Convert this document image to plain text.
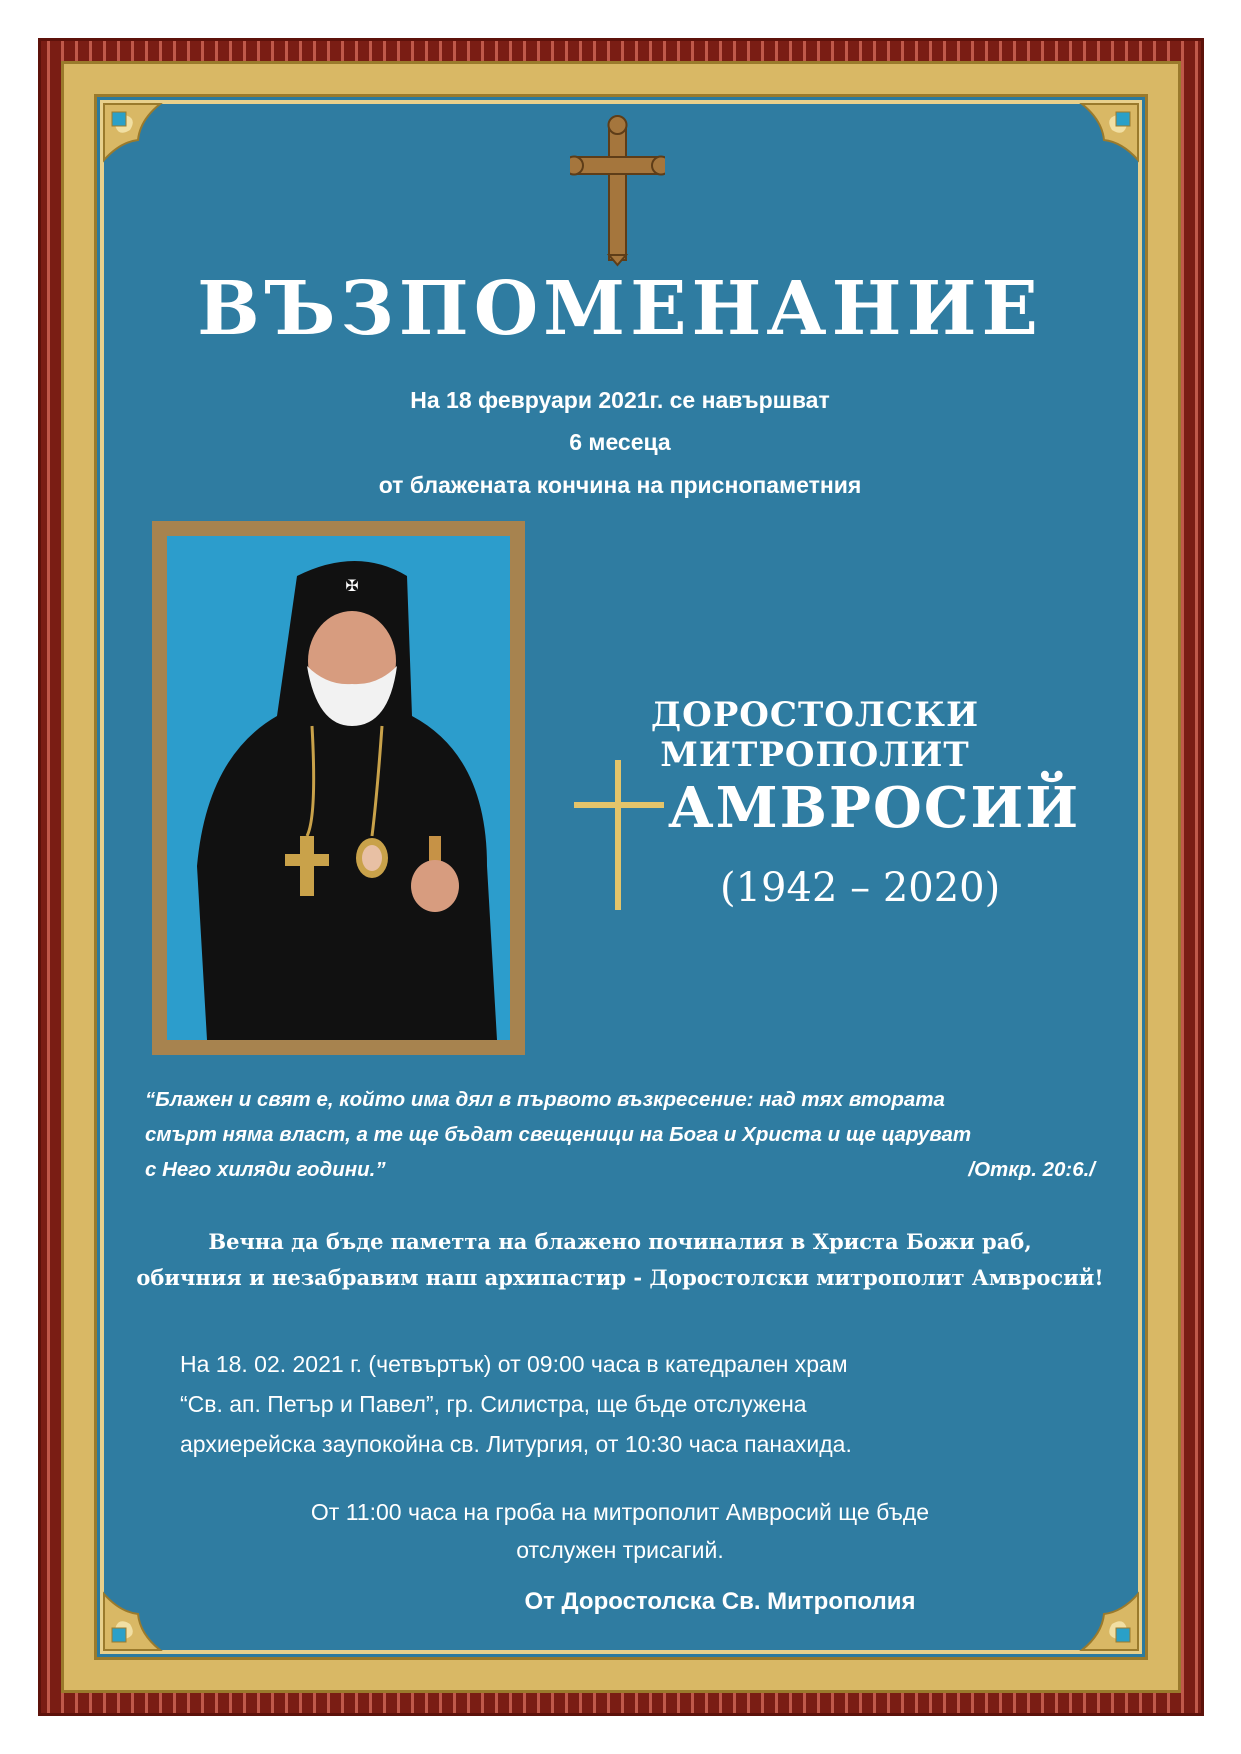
ВЪЗПОМЕНАНИЕ
На 18 февруари 2021г. се навършват
6 месеца
от блажената кончина на приснопаметния
✠
ДОРОСТОЛСКИ МИТРОПОЛИТ
АМВРОСИЙ
(1942 – 2020)
“Блажен и свят е, който има дял в първото възкресение: над тях втората
смърт няма власт, а те ще бъдат свещеници на Бога и Христа и ще царуват
с Него хиляди години.”	/Откр. 20:6./
Вечна да бъде паметта на блажено починалия в Христа Божи раб,
обичния и незабравим наш архипастир - Доростолски митрополит Амвросий!

На 18. 02. 2021 г. (четвъртък) от 09:00 часа в катедрален храм

“Св. ап. Петър и Павел”, гр. Силистра, ще бъде отслужена

архиерейска заупокойна св. Литургия, от 10:30 часа панахида.

От 11:00 часа на гроба на митрополит Амвросий ще бъде
отслужен трисагий.
От Доростолска Св. Митрополия
